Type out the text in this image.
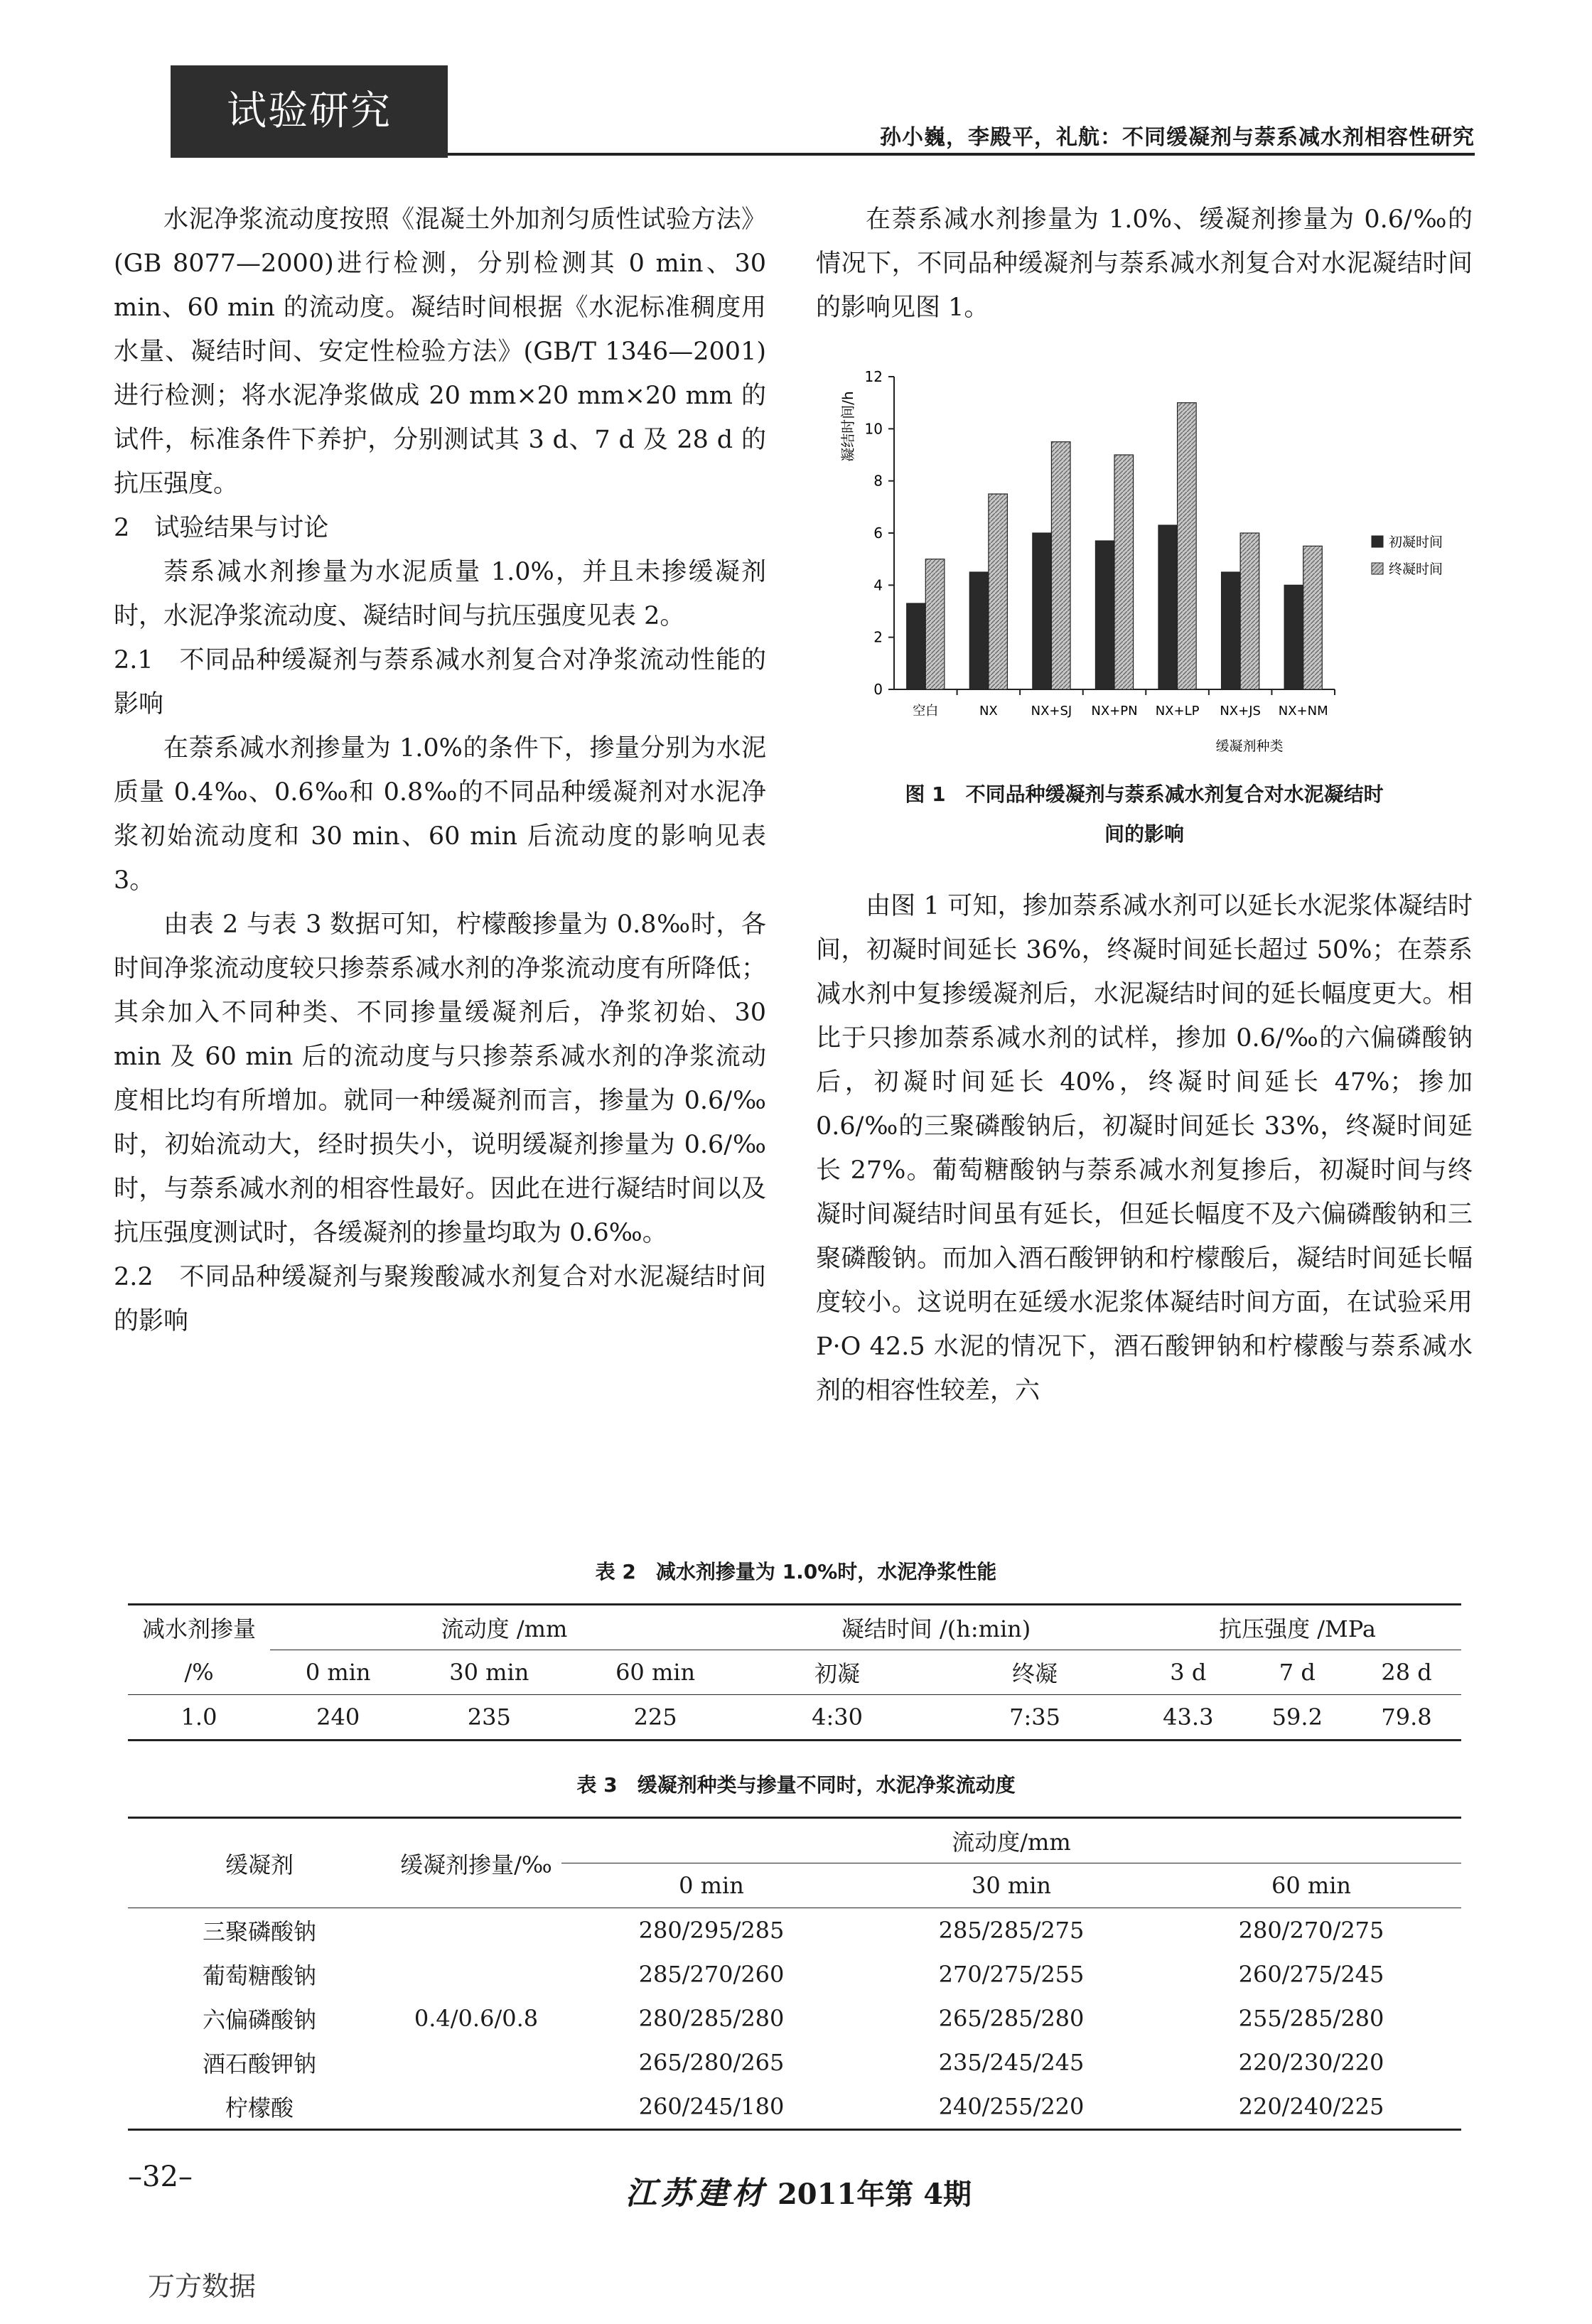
试验研究
孙小巍，李殿平，礼航：不同缓凝剂与萘系减水剂相容性研究

水泥净浆流动度按照《混凝土外加剂匀质性试验方法》(GB 8077—2000)进行检测，分别检测其 0 min、30 min、60 min 的流动度。凝结时间根据《水泥标准稠度用水量、凝结时间、安定性检验方法》(GB/T 1346—2001)进行检测；将水泥净浆做成 20 mm×20 mm×20 mm 的试件，标准条件下养护，分别测试其 3 d、7 d 及 28 d 的抗压强度。

2　试验结果与讨论

萘系减水剂掺量为水泥质量 1.0%，并且未掺缓凝剂时，水泥净浆流动度、凝结时间与抗压强度见表 2。

2.1　不同品种缓凝剂与萘系减水剂复合对净浆流动性能的影响

在萘系减水剂掺量为 1.0%的条件下，掺量分别为水泥质量 0.4‰、0.6‰和 0.8‰的不同品种缓凝剂对水泥净浆初始流动度和 30 min、60 min 后流动度的影响见表 3。

由表 2 与表 3 数据可知，柠檬酸掺量为 0.8‰时，各时间净浆流动度较只掺萘系减水剂的净浆流动度有所降低；其余加入不同种类、不同掺量缓凝剂后，净浆初始、30 min 及 60 min 后的流动度与只掺萘系减水剂的净浆流动度相比均有所增加。就同一种缓凝剂而言，掺量为 0.6/‰时，初始流动大，经时损失小，说明缓凝剂掺量为 0.6/‰时，与萘系减水剂的相容性最好。因此在进行凝结时间以及抗压强度测试时，各缓凝剂的掺量均取为 0.6‰。

2.2　不同品种缓凝剂与聚羧酸减水剂复合对水泥凝结时间的影响

在萘系减水剂掺量为 1.0%、缓凝剂掺量为 0.6/‰的情况下，不同品种缓凝剂与萘系减水剂复合对水泥凝结时间的影响见图 1。

0
2
4
6
8
10
12
凝结时间/h
空白	NX	NX+SJ NX+PN NX+LP NX+JS NX+NM
缓凝剂种类
初凝时间
终凝时间
图 1　不同品种缓凝剂与萘系减水剂复合对水泥凝结时
间的影响

由图 1 可知，掺加萘系减水剂可以延长水泥浆体凝结时间，初凝时间延长 36%，终凝时间延长超过 50%；在萘系减水剂中复掺缓凝剂后，水泥凝结时间的延长幅度更大。相比于只掺加萘系减水剂的试样，掺加 0.6/‰的六偏磷酸钠后，初凝时间延长 40%，终凝时间延长 47%；掺加 0.6/‰的三聚磷酸钠后，初凝时间延长 33%，终凝时间延长 27%。葡萄糖酸钠与萘系减水剂复掺后，初凝时间与终凝时间凝结时间虽有延长，但延长幅度不及六偏磷酸钠和三聚磷酸钠。而加入酒石酸钾钠和柠檬酸后，凝结时间延长幅度较小。这说明在延缓水泥浆体凝结时间方面，在试验采用 P·O 42.5 水泥的情况下，酒石酸钾钠和柠檬酸与萘系减水剂的相容性较差，六

表 2　减水剂掺量为 1.0%时，水泥净浆性能
减水剂掺量	流动度 /mm			凝结时间 /(h:min)		抗压强度 /MPa		
/%	0 min	30 min	60 min	初凝	终凝	3 d	7 d	28 d
1.0	240	235	225	4:30	7:35	43.3	59.2	79.8
表 3　缓凝剂种类与掺量不同时，水泥净浆流动度
缓凝剂	缓凝剂掺量/‰	流动度/mm		
		0 min	30 min	60 min
三聚磷酸钠	0.4/0.6/0.8	280/295/285	285/285/275	280/270/275
葡萄糖酸钠		285/270/260	270/275/255	260/275/245
六偏磷酸钠		280/285/280	265/285/280	255/285/280
酒石酸钾钠		265/280/265	235/245/245	220/230/220
柠檬酸		260/245/180	240/255/220	220/240/225
–32–	江苏建材 2011年第 4期
万方数据
